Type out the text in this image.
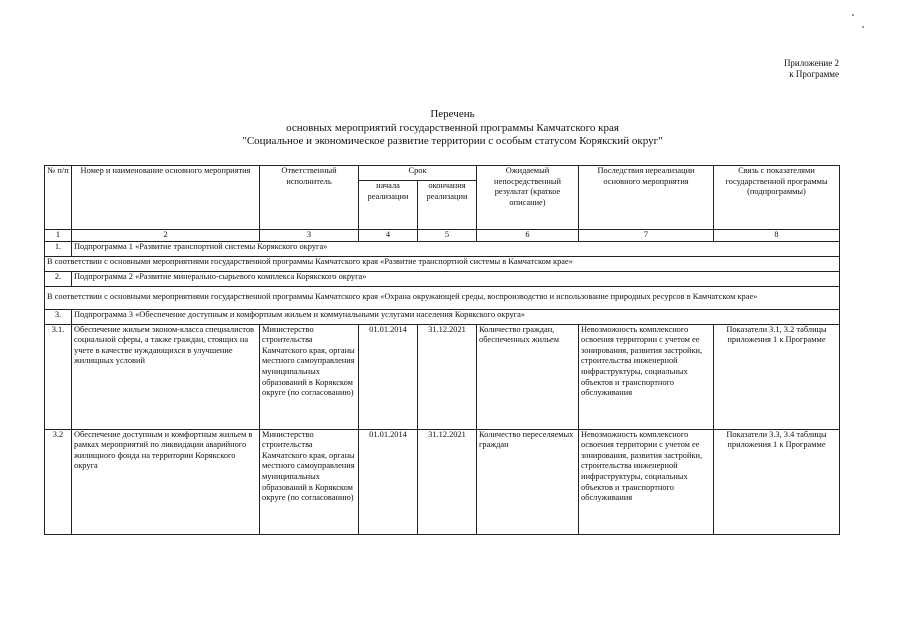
Приложение 2
к Программе
Перечень
основных мероприятий государственной программы Камчатского края
"Социальное и экономическое развитие территории с особым статусом Корякский округ"
№ п/п	Номер и наименование основного мероприятия	Ответственный исполнитель	Срок		Ожидаемый непосредственный результат (краткое описание)	Последствия нереализации основного мероприятия	Связь с показателями государственной программы (подпрограммы)
			начала реализации	окончания реализации			
1	2	3	4	5	6	7	8
1.	Подпрограмма 1 «Развитие транспортной системы Корякского округа»						
В соответствии с основными мероприятиями государственной программы Камчатского края «Развитие транспортной системы в Камчатском крае»							
2.	Подпрограмма 2 «Развитие минерально-сырьевого комплекса Корякского округа»						
В соответствии с основными мероприятиями государственной программы Камчатского края «Охрана окружающей среды, воспроизводство и использование природных ресурсов в Камчатском крае»							
3.	Подпрограмма 3 «Обеспечение доступным и комфортным жильем и коммунальными услугами населения Корякского округа»						
3.1.	Обеспечение жильем эконом-класса специалистов социальной сферы, а также граждан, стоящих на учете в качестве нуждающихся в улучшение жилищных условий	Министерство строительства Камчатского края, органы местного самоуправления муниципальных образований в Корякском округе (по согласованию)	01.01.2014	31.12.2021	Количество граждан, обеспеченных жильем	Невозможность комплексного освоения территории с учетом ее зонирования, развития застройки, строительства инженерной инфраструктуры, социальных объектов и транспортного обслуживания	Показатели 3.1, 3.2 таблицы приложения 1 к Программе
3.2	Обеспечение доступным и комфортным жильем в рамках мероприятий по ликвидации аварийного жилищного фонда на территории Корякского округа	Министерство строительства Камчатского края, органы местного самоуправления муниципальных образований в Корякском округе (по согласованию)	01.01.2014	31.12.2021	Количество переселяемых граждан	Невозможность комплексного освоения территории с учетом ее зонирования, развития застройки, строительства инженерной инфраструктуры, социальных объектов и транспортного обслуживания	Показатели 3.3, 3.4 таблицы приложения 1 к Программе
